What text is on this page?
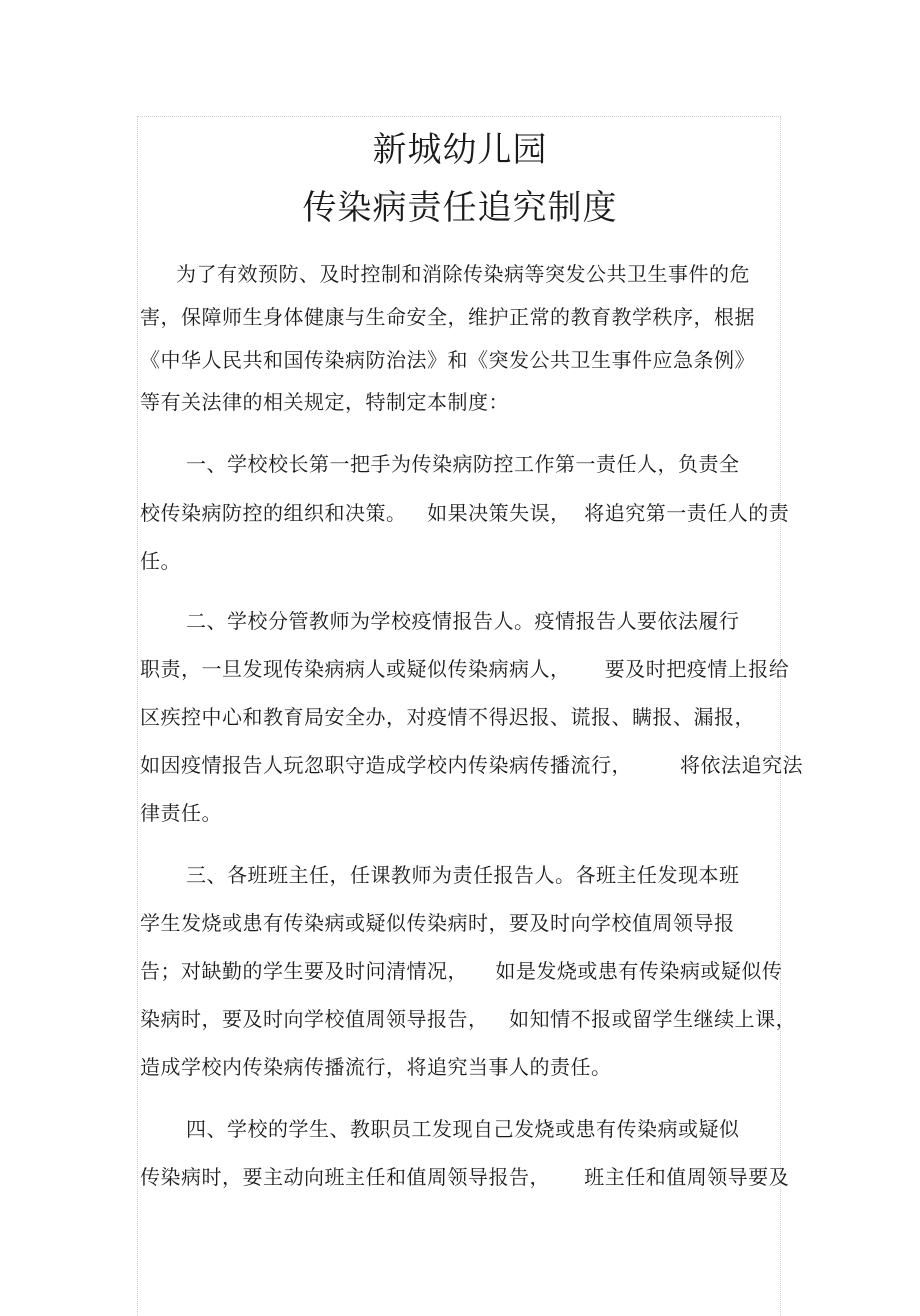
新城幼儿园
传染病责任追究制度
为了有效预防、及时控制和消除传染病等突发公共卫生事件的危
害，保障师生身体健康与生命安全，维护正常的教育教学秩序，根据
《中华人民共和国传染病防治法》和《突发公共卫生事件应急条例》
等有关法律的相关规定，特制定本制度：
一、学校校长第一把手为传染病防控工作第一责任人，负责全
校传染病防控的组织和决策。   如果决策失误，  将追究第一责任人的责
任。
二、学校分管教师为学校疫情报告人。疫情报告人要依法履行
职责，一旦发现传染病病人或疑似传染病病人，     要及时把疫情上报给
区疾控中心和教育局安全办，对疫情不得迟报、谎报、瞒报、漏报，
如因疫情报告人玩忽职守造成学校内传染病传播流行，       将依法追究法
律责任。
三、各班班主任，任课教师为责任报告人。各班主任发现本班
学生发烧或患有传染病或疑似传染病时，要及时向学校值周领导报
告；对缺勤的学生要及时问清情况，    如是发烧或患有传染病或疑似传
染病时，要及时向学校值周领导报告，   如知情不报或留学生继续上课，
造成学校内传染病传播流行，将追究当事人的责任。
四、学校的学生、教职员工发现自己发烧或患有传染病或疑似
传染病时，要主动向班主任和值周领导报告，     班主任和值周领导要及
